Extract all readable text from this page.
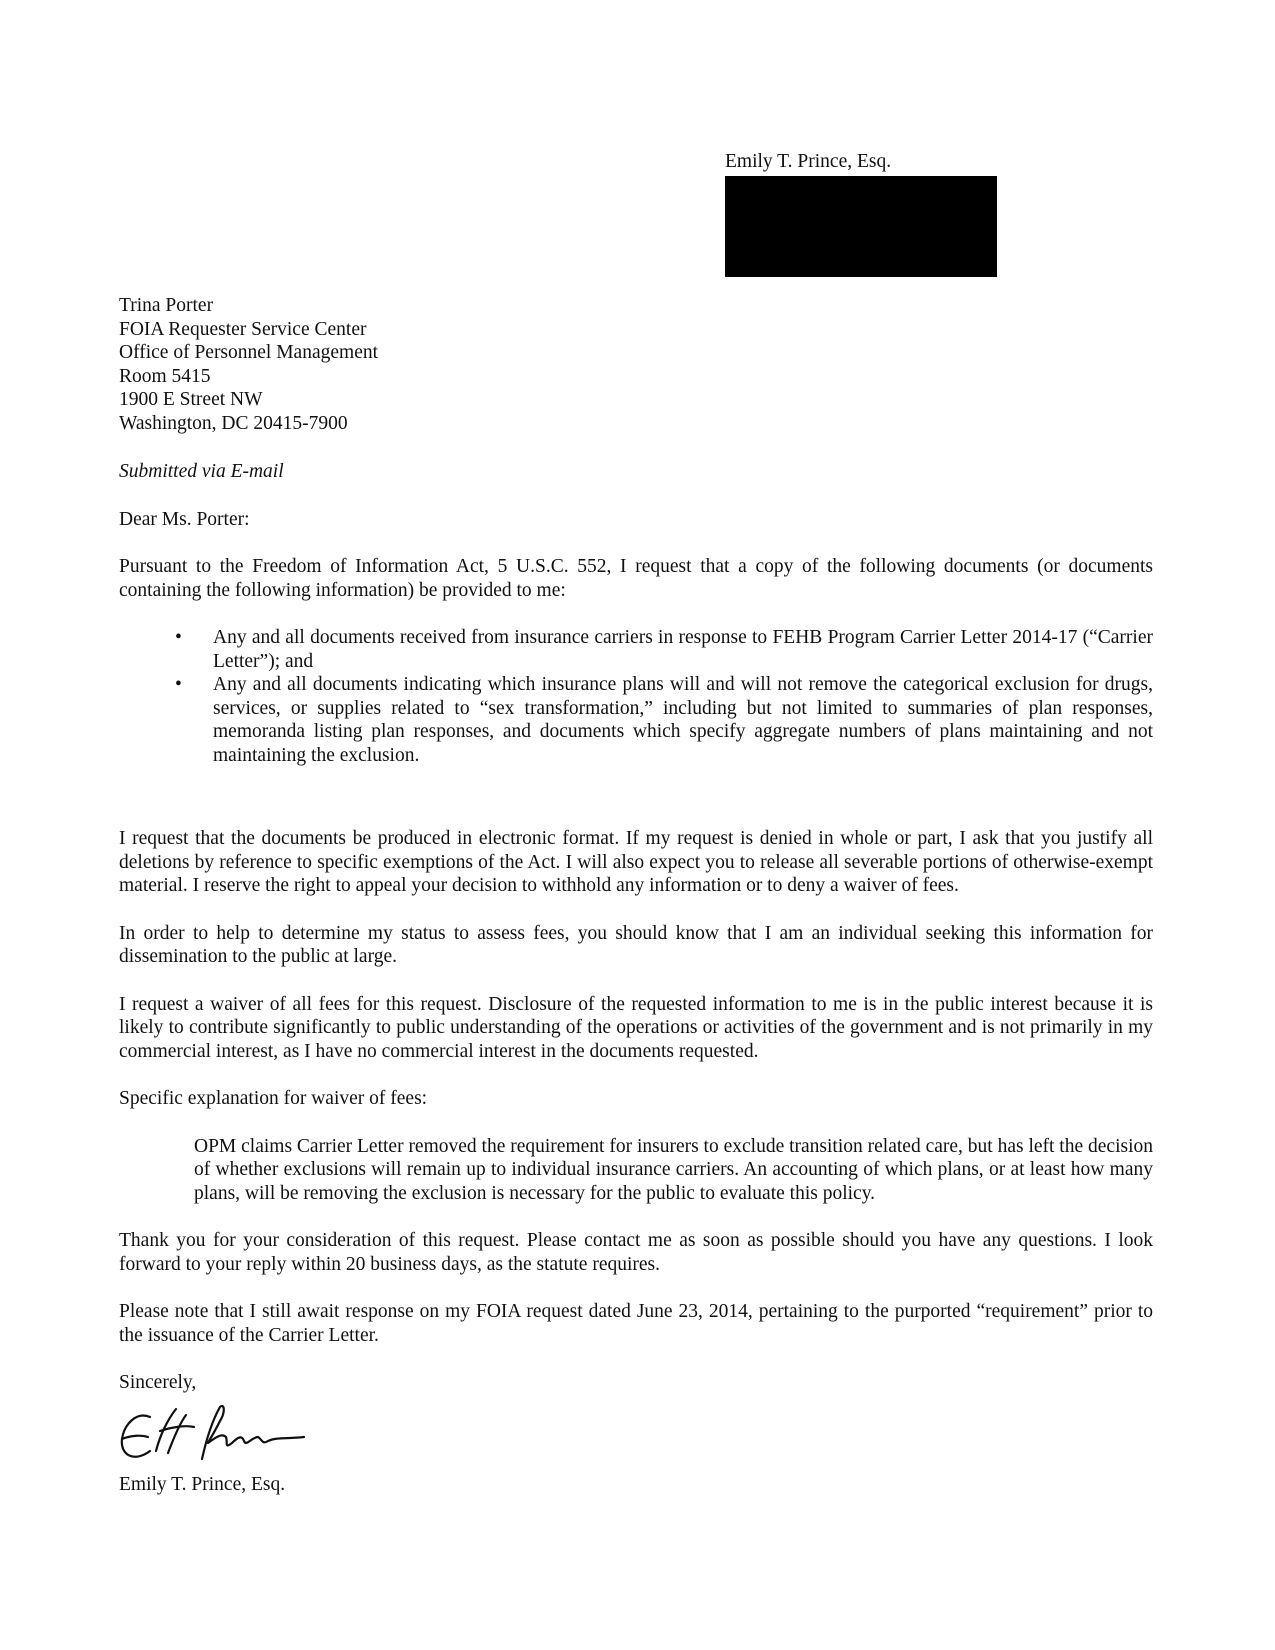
Emily T. Prince, Esq.
Trina Porter
FOIA Requester Service Center
Office of Personnel Management
Room 5415
1900 E Street NW
Washington, DC 20415-7900
Submitted via E-mail

Dear Ms. Porter:

Pursuant to the Freedom of Information Act, 5 U.S.C. 552, I request that a copy of the following documents (or documents containing the following information) be provided to me:

• Any and all documents received from insurance carriers in response to FEHB Program Carrier Letter 2014-17 (“Carrier Letter”); and
• Any and all documents indicating which insurance plans will and will not remove the categorical exclusion for drugs, services, or supplies related to “sex transformation,” including but not limited to summaries of plan responses, memoranda listing plan responses, and documents which specify aggregate numbers of plans maintaining and not maintaining the exclusion.

I request that the documents be produced in electronic format. If my request is denied in whole or part, I ask that you justify all deletions by reference to specific exemptions of the Act. I will also expect you to release all severable portions of otherwise-exempt material. I reserve the right to appeal your decision to withhold any information or to deny a waiver of fees.

In order to help to determine my status to assess fees, you should know that I am an individual seeking this information for dissemination to the public at large.

I request a waiver of all fees for this request. Disclosure of the requested information to me is in the public interest because it is likely to contribute significantly to public understanding of the operations or activities of the government and is not primarily in my commercial interest, as I have no commercial interest in the documents requested.

Specific explanation for waiver of fees:

OPM claims Carrier Letter removed the requirement for insurers to exclude transition related care, but has left the decision of whether exclusions will remain up to individual insurance carriers. An accounting of which plans, or at least how many plans, will be removing the exclusion is necessary for the public to evaluate this policy.

Thank you for your consideration of this request. Please contact me as soon as possible should you have any questions. I look forward to your reply within 20 business days, as the statute requires.

Please note that I still await response on my FOIA request dated June 23, 2014, pertaining to the purported “requirement” prior to the issuance of the Carrier Letter.

Sincerely,
Emily T. Prince, Esq.
